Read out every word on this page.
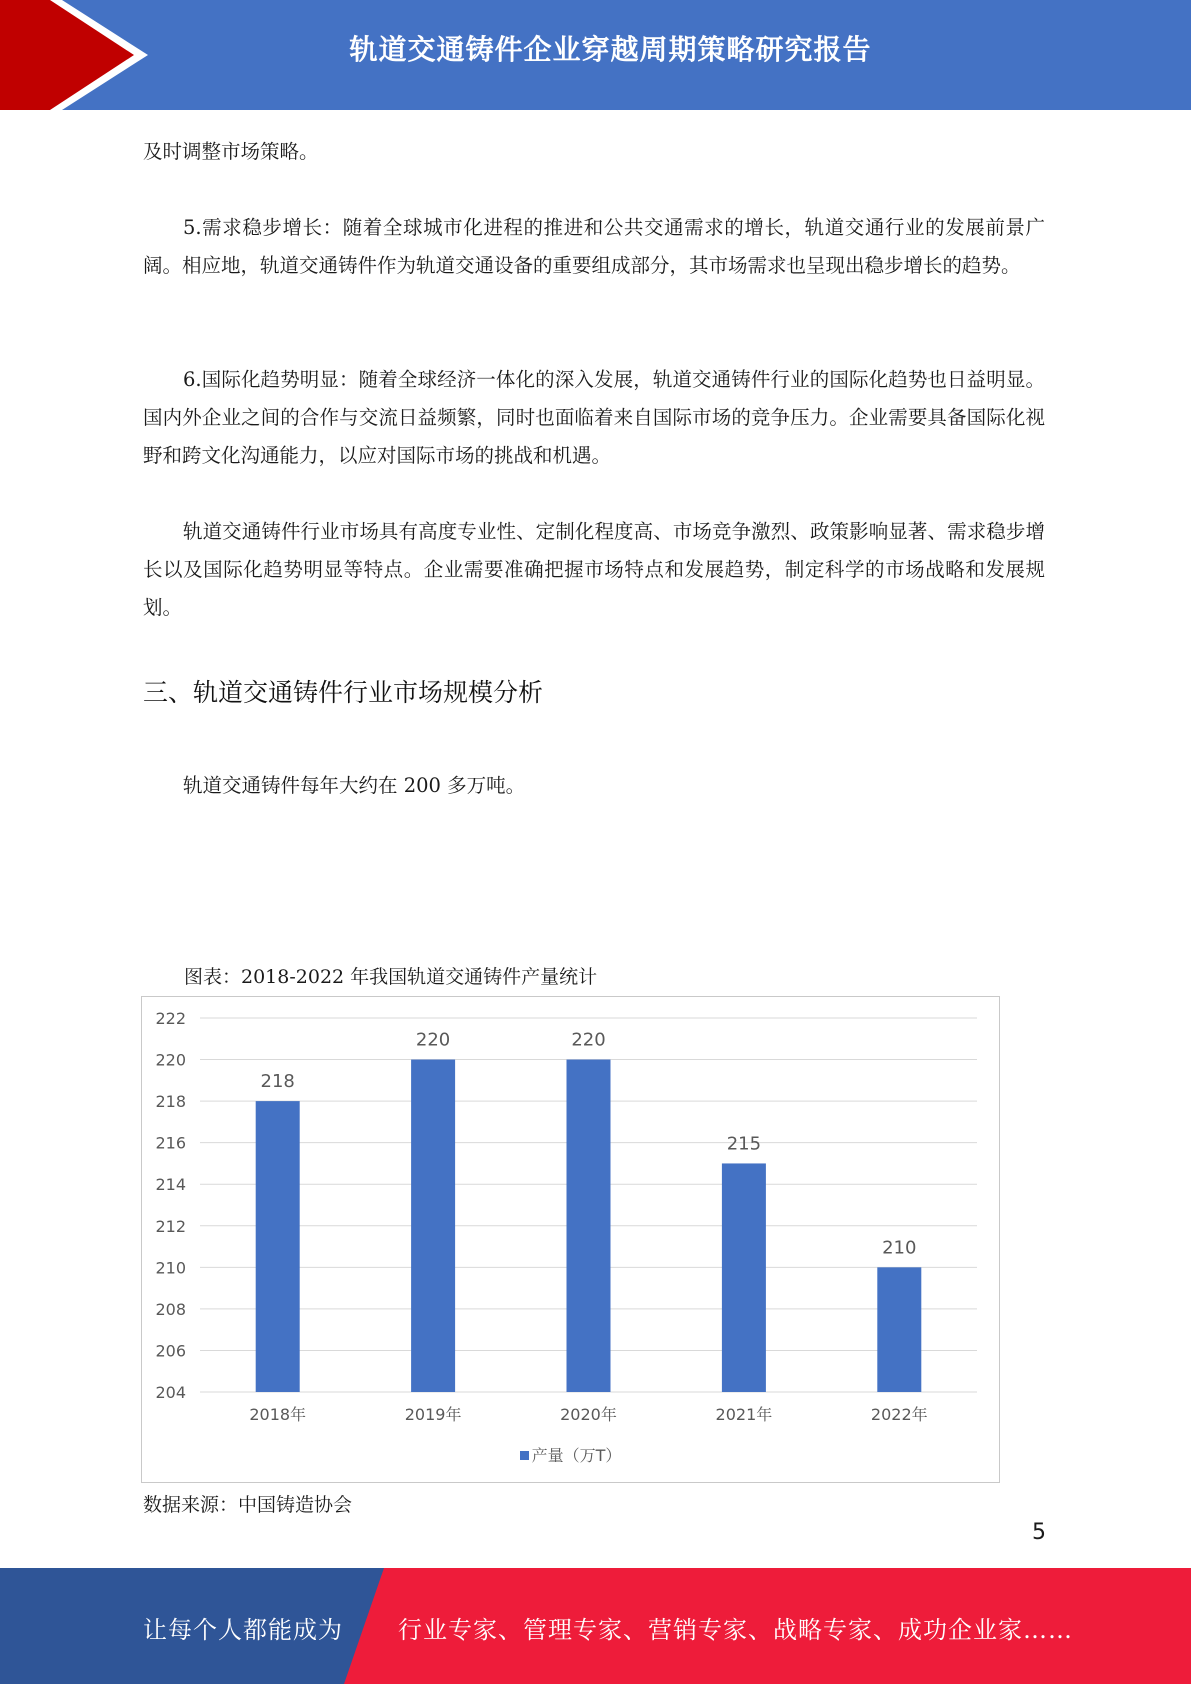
轨道交通铸件企业穿越周期策略研究报告
及时调整市场策略。
5.需求稳步增长：随着全球城市化进程的推进和公共交通需求的增长，轨道交通行业的发展前景广阔。相应地，轨道交通铸件作为轨道交通设备的重要组成部分，其市场需求也呈现出稳步增长的趋势。
6.国际化趋势明显：随着全球经济一体化的深入发展，轨道交通铸件行业的国际化趋势也日益明显。国内外企业之间的合作与交流日益频繁，同时也面临着来自国际市场的竞争压力。企业需要具备国际化视野和跨文化沟通能力，以应对国际市场的挑战和机遇。
轨道交通铸件行业市场具有高度专业性、定制化程度高、市场竞争激烈、政策影响显著、需求稳步增长以及国际化趋势明显等特点。企业需要准确把握市场特点和发展趋势，制定科学的市场战略和发展规划。
三、轨道交通铸件行业市场规模分析
轨道交通铸件每年大约在 200 多万吨。
图表：2018-2022 年我国轨道交通铸件产量统计
204
206
208
210
212
214
216
218
220
222
218
2018年
220
2019年
220
2020年
215
2021年
210
2022年
产量（万T）
数据来源：中国铸造协会
5
让每个人都能成为 行业专家、管理专家、营销专家、战略专家、成功企业家……
